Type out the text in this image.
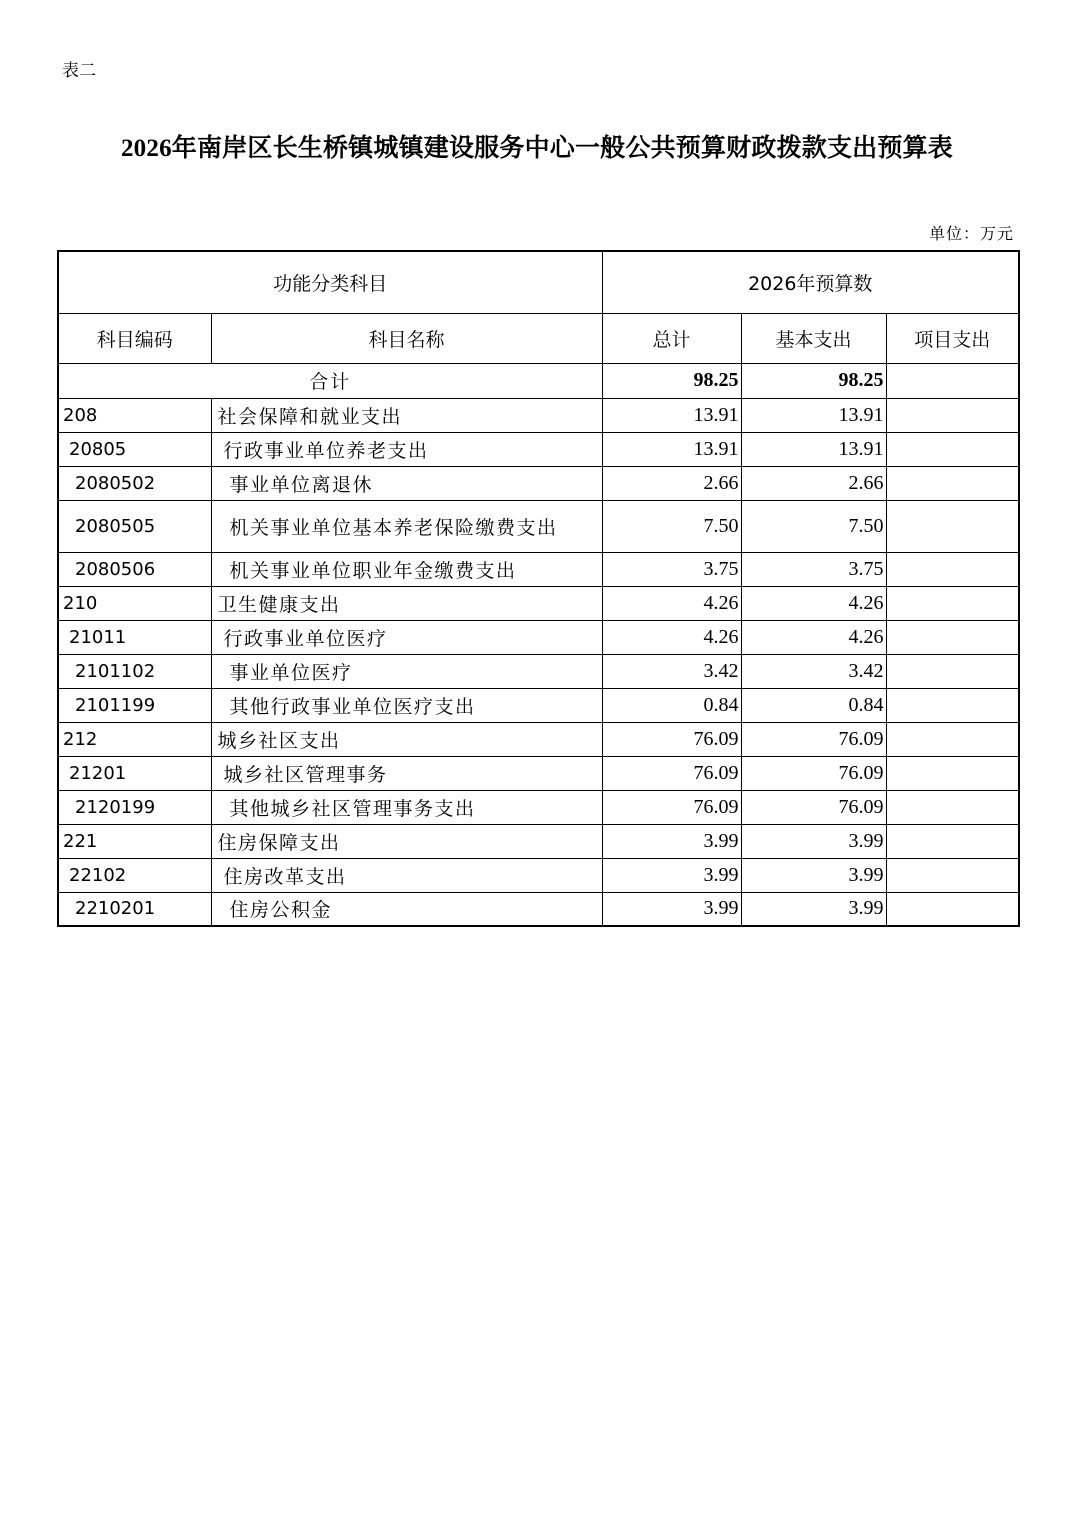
表二
2026年南岸区长生桥镇城镇建设服务中心一般公共预算财政拨款支出预算表
单位：万元
功能分类科目		2026年预算数		
科目编码	科目名称	总计	基本支出	项目支出
合计		98.25	98.25	
208	社会保障和就业支出	13.91	13.91	
20805	行政事业单位养老支出	13.91	13.91	
2080502	事业单位离退休	2.66	2.66	
2080505	机关事业单位基本养老保险缴费支出	7.50	7.50	
2080506	机关事业单位职业年金缴费支出	3.75	3.75	
210	卫生健康支出	4.26	4.26	
21011	行政事业单位医疗	4.26	4.26	
2101102	事业单位医疗	3.42	3.42	
2101199	其他行政事业单位医疗支出	0.84	0.84	
212	城乡社区支出	76.09	76.09	
21201	城乡社区管理事务	76.09	76.09	
2120199	其他城乡社区管理事务支出	76.09	76.09	
221	住房保障支出	3.99	3.99	
22102	住房改革支出	3.99	3.99	
2210201	住房公积金	3.99	3.99	
